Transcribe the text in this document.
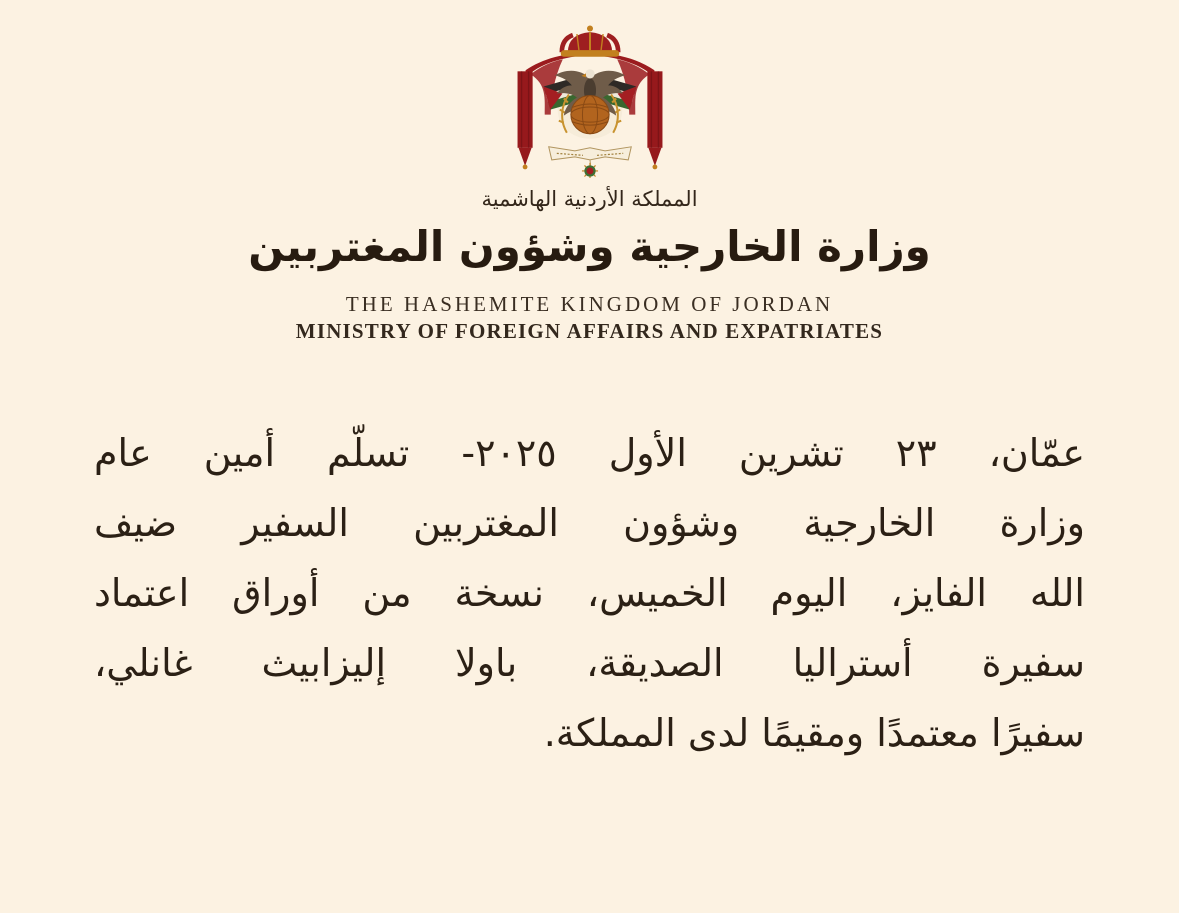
المملكة الأردنية الهاشمية
وزارة الخارجية وشؤون المغتربين
THE HASHEMITE KINGDOM OF JORDAN
MINISTRY OF FOREIGN AFFAIRS AND EXPATRIATES
عمّان، ٢٣ تشرين الأول ٢٠٢٥- تسلّم أمين عام
وزارة الخارجية وشؤون المغتربين السفير ضيف
الله الفايز، اليوم الخميس، نسخة من أوراق اعتماد
سفيرة أستراليا الصديقة، باولا إليزابيث غانلي،
سفيرًا معتمدًا ومقيمًا لدى المملكة.
